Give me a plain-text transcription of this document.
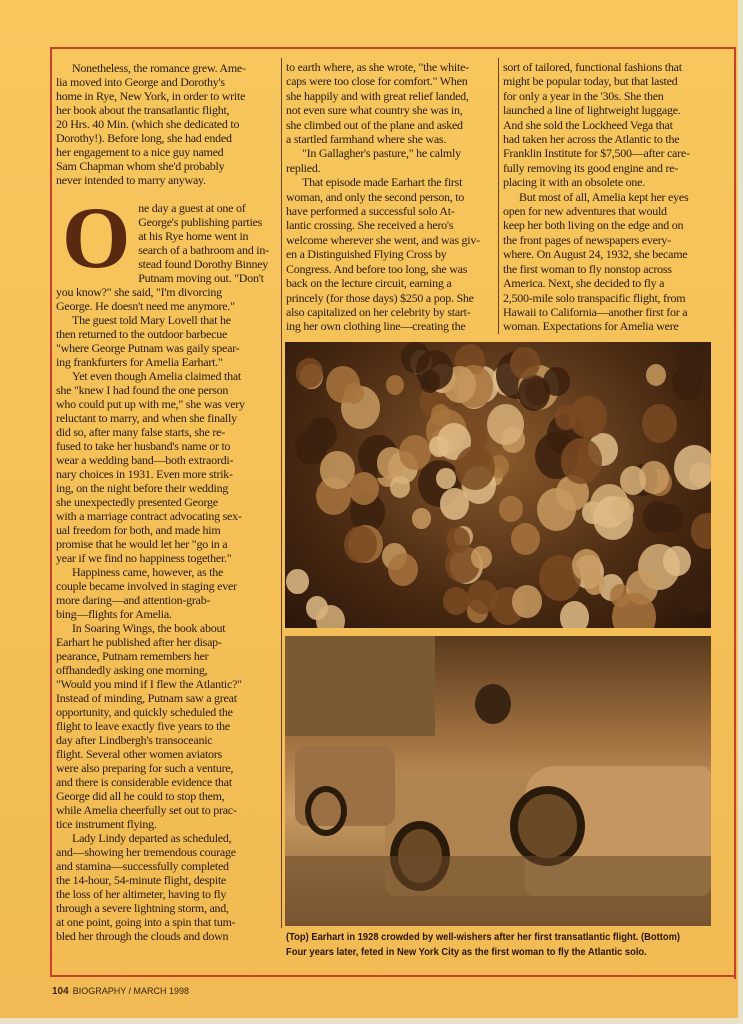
Nonetheless, the romance grew. Ame-
lia moved into George and Dorothy's
home in Rye, New York, in order to write
her book about the transatlantic flight,
20 Hrs. 40 Min. (which she dedicated to
Dorothy!). Before long, she had ended
her engagement to a nice guy named
Sam Chapman whom she'd probably
never intended to marry anyway.
O ne day a guest at one of
George's publishing parties
at his Rye home went in
search of a bathroom and in-
stead found Dorothy Binney
Putnam moving out. "Don't
you know?" she said, "I'm divorcing
George. He doesn't need me anymore."
The guest told Mary Lovell that he
then returned to the outdoor barbecue
"where George Putnam was gaily spear-
ing frankfurters for Amelia Earhart."
Yet even though Amelia claimed that
she "knew I had found the one person
who could put up with me," she was very
reluctant to marry, and when she finally
did so, after many false starts, she re-
fused to take her husband's name or to
wear a wedding band—both extraordi-
nary choices in 1931. Even more strik-
ing, on the night before their wedding
she unexpectedly presented George
with a marriage contract advocating sex-
ual freedom for both, and made him
promise that he would let her "go in a
year if we find no happiness together."
Happiness came, however, as the
couple became involved in staging ever
more daring—and attention-grab-
bing—flights for Amelia.
In Soaring Wings, the book about
Earhart he published after her disap-
pearance, Putnam remembers her
offhandedly asking one morning,
"Would you mind if I flew the Atlantic?"
Instead of minding, Putnam saw a great
opportunity, and quickly scheduled the
flight to leave exactly five years to the
day after Lindbergh's transoceanic
flight. Several other women aviators
were also preparing for such a venture,
and there is considerable evidence that
George did all he could to stop them,
while Amelia cheerfully set out to prac-
tice instrument flying.
Lady Lindy departed as scheduled,
and—showing her tremendous courage
and stamina—successfully completed
the 14-hour, 54-minute flight, despite
the loss of her altimeter, having to fly
through a severe lightning storm, and,
at one point, going into a spin that tum-
bled her through the clouds and down
to earth where, as she wrote, "the white-
caps were too close for comfort." When
she happily and with great relief landed,
not even sure what country she was in,
she climbed out of the plane and asked
a startled farmhand where she was.
"In Gallagher's pasture," he calmly
replied.
That episode made Earhart the first
woman, and only the second person, to
have performed a successful solo At-
lantic crossing. She received a hero's
welcome wherever she went, and was giv-
en a Distinguished Flying Cross by
Congress. And before too long, she was
back on the lecture circuit, earning a
princely (for those days) $250 a pop. She
also capitalized on her celebrity by start-
ing her own clothing line—creating the
sort of tailored, functional fashions that
might be popular today, but that lasted
for only a year in the '30s. She then
launched a line of lightweight luggage.
And she sold the Lockheed Vega that
had taken her across the Atlantic to the
Franklin Institute for $7,500—after care-
fully removing its good engine and re-
placing it with an obsolete one.
But most of all, Amelia kept her eyes
open for new adventures that would
keep her both living on the edge and on
the front pages of newspapers every-
where. On August 24, 1932, she became
the first woman to fly nonstop across
America. Next, she decided to fly a
2,500-mile solo transpacific flight, from
Hawaii to California—another first for a
woman. Expectations for Amelia were
(Top) Earhart in 1928 crowded by well-wishers after her first transatlantic flight. (Bottom) Four years later, feted in New York City as the first woman to fly the Atlantic solo.
104 BIOGRAPHY / MARCH 1998
